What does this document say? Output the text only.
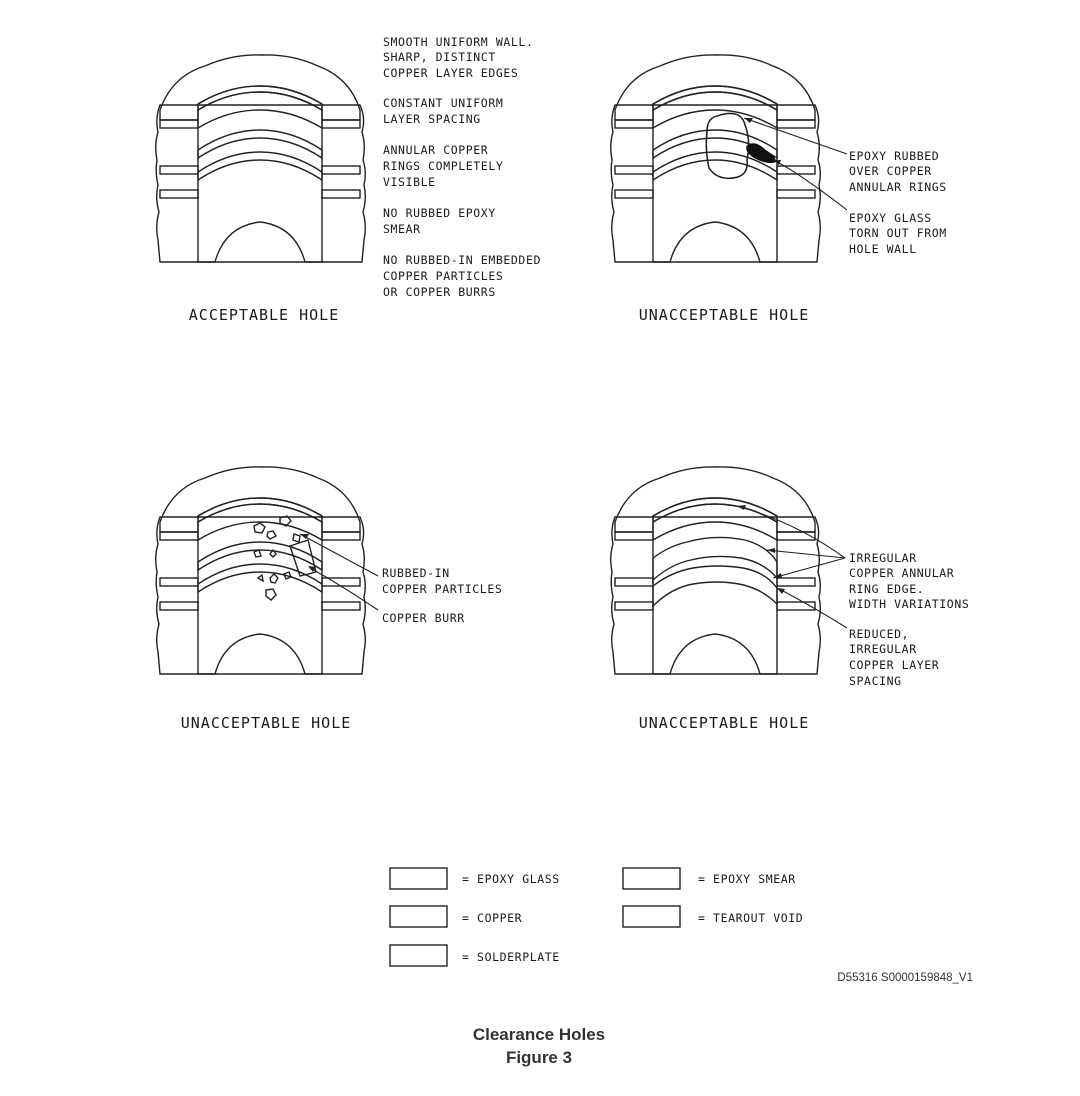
SMOOTH UNIFORM WALL.
SHARP, DISTINCT
COPPER LAYER EDGES
CONSTANT UNIFORM
LAYER SPACING
ANNULAR COPPER
RINGS COMPLETELY
VISIBLE
NO RUBBED EPOXY
SMEAR
NO RUBBED-IN EMBEDDED
COPPER PARTICLES
OR COPPER BURRS
ACCEPTABLE HOLE
EPOXY RUBBED
OVER COPPER
ANNULAR RINGS
EPOXY GLASS
TORN OUT FROM
HOLE WALL
UNACCEPTABLE HOLE
RUBBED-IN
COPPER PARTICLES
COPPER BURR
UNACCEPTABLE HOLE
IRREGULAR
COPPER ANNULAR
RING EDGE.
WIDTH VARIATIONS
REDUCED,
IRREGULAR
COPPER LAYER
SPACING
UNACCEPTABLE HOLE
= EPOXY GLASS	= EPOXY SMEAR
= COPPER	= TEAROUT VOID
= SOLDERPLATE
D55316 S0000159848_V1
Clearance Holes
Figure 3
